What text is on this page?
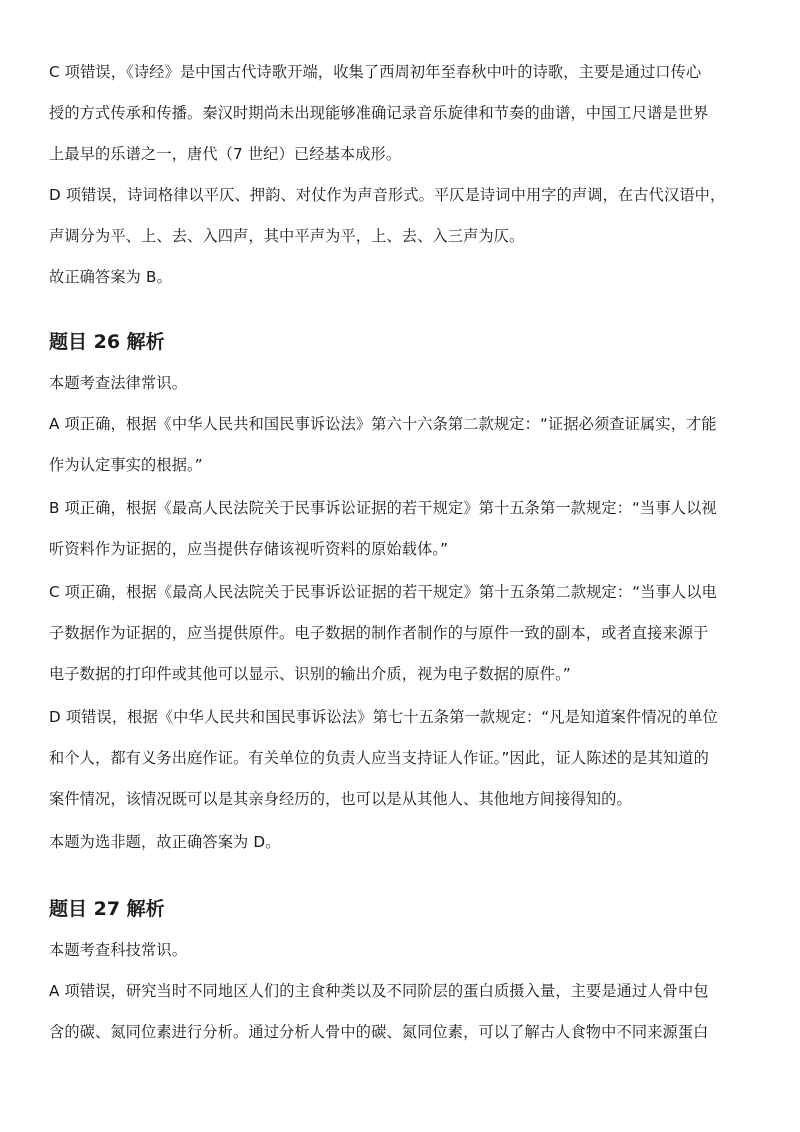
C 项错误，《诗经》是中国古代诗歌开端，收集了西周初年至春秋中叶的诗歌，主要是通过口传心
授的方式传承和传播。秦汉时期尚未出现能够准确记录音乐旋律和节奏的曲谱，中国工尺谱是世界
上最早的乐谱之一，唐代（7 世纪）已经基本成形。
D 项错误，诗词格律以平仄、押韵、对仗作为声音形式。平仄是诗词中用字的声调，在古代汉语中，
声调分为平、上、去、入四声，其中平声为平，上、去、入三声为仄。
故正确答案为 B。
题目 26 解析
本题考查法律常识。
A 项正确，根据《中华人民共和国民事诉讼法》第六十六条第二款规定：“证据必须查证属实，才能
作为认定事实的根据。”
B 项正确，根据《最高人民法院关于民事诉讼证据的若干规定》第十五条第一款规定：“当事人以视
听资料作为证据的，应当提供存储该视听资料的原始载体。”
C 项正确，根据《最高人民法院关于民事诉讼证据的若干规定》第十五条第二款规定：“当事人以电
子数据作为证据的，应当提供原件。电子数据的制作者制作的与原件一致的副本，或者直接来源于
电子数据的打印件或其他可以显示、识别的输出介质，视为电子数据的原件。”
D 项错误，根据《中华人民共和国民事诉讼法》第七十五条第一款规定：“凡是知道案件情况的单位
和个人，都有义务出庭作证。有关单位的负责人应当支持证人作证。”因此，证人陈述的是其知道的
案件情况，该情况既可以是其亲身经历的，也可以是从其他人、其他地方间接得知的。
本题为选非题，故正确答案为 D。
题目 27 解析
本题考查科技常识。
A 项错误，研究当时不同地区人们的主食种类以及不同阶层的蛋白质摄入量，主要是通过人骨中包
含的碳、氮同位素进行分析。通过分析人骨中的碳、氮同位素，可以了解古人食物中不同来源蛋白
